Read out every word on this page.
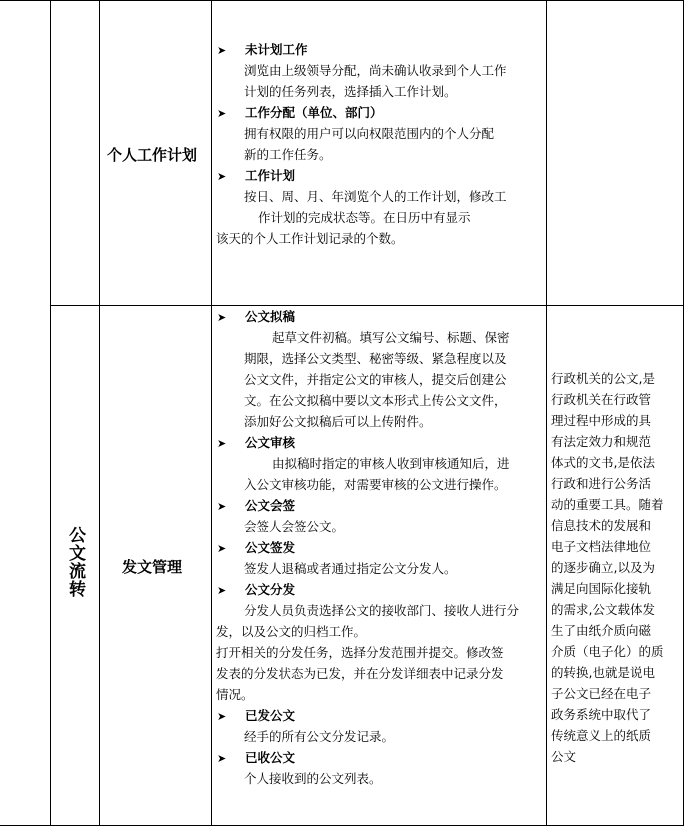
个人工作计划
➤ 未计划工作
浏览由上级领导分配，尚未确认收录到个人工作
计划的任务列表，选择插入工作计划。
➤ 工作分配（单位、部门）
拥有权限的用户可以向权限范围内的个人分配
新的工作任务。
➤ 工作计划
按日、周、月、年浏览个人的工作计划，修改工
作计划的完成状态等。在日历中有显示
该天的个人工作计划记录的个数。
公文流转 发文管理
➤ 公文拟稿
起草文件初稿。填写公文编号、标题、保密
期限，选择公文类型、秘密等级、紧急程度以及
公文文件，并指定公文的审核人，提交后创建公
文。在公文拟稿中要以文本形式上传公文文件，
添加好公文拟稿后可以上传附件。
➤ 公文审核
由拟稿时指定的审核人收到审核通知后，进
入公文审核功能，对需要审核的公文进行操作。
➤ 公文会签
会签人会签公文。
➤ 公文签发
签发人退稿或者通过指定公文分发人。
➤ 公文分发
分发人员负责选择公文的接收部门、接收人进行分
发，以及公文的归档工作。
打开相关的分发任务，选择分发范围并提交。修改签
发表的分发状态为已发，并在分发详细表中记录分发
情况。
➤ 已发公文
经手的所有公文分发记录。
➤ 已收公文
个人接收到的公文列表。
行政机关的公文,是
行政机关在行政管
理过程中形成的具
有法定效力和规范
体式的文书,是依法
行政和进行公务活
动的重要工具。随着
信息技术的发展和
电子文档法律地位
的逐步确立,以及为
满足向国际化接轨
的需求,公文载体发
生了由纸介质向磁
介质（电子化）的质
的转换,也就是说电
子公文已经在电子
政务系统中取代了
传统意义上的纸质
公文
